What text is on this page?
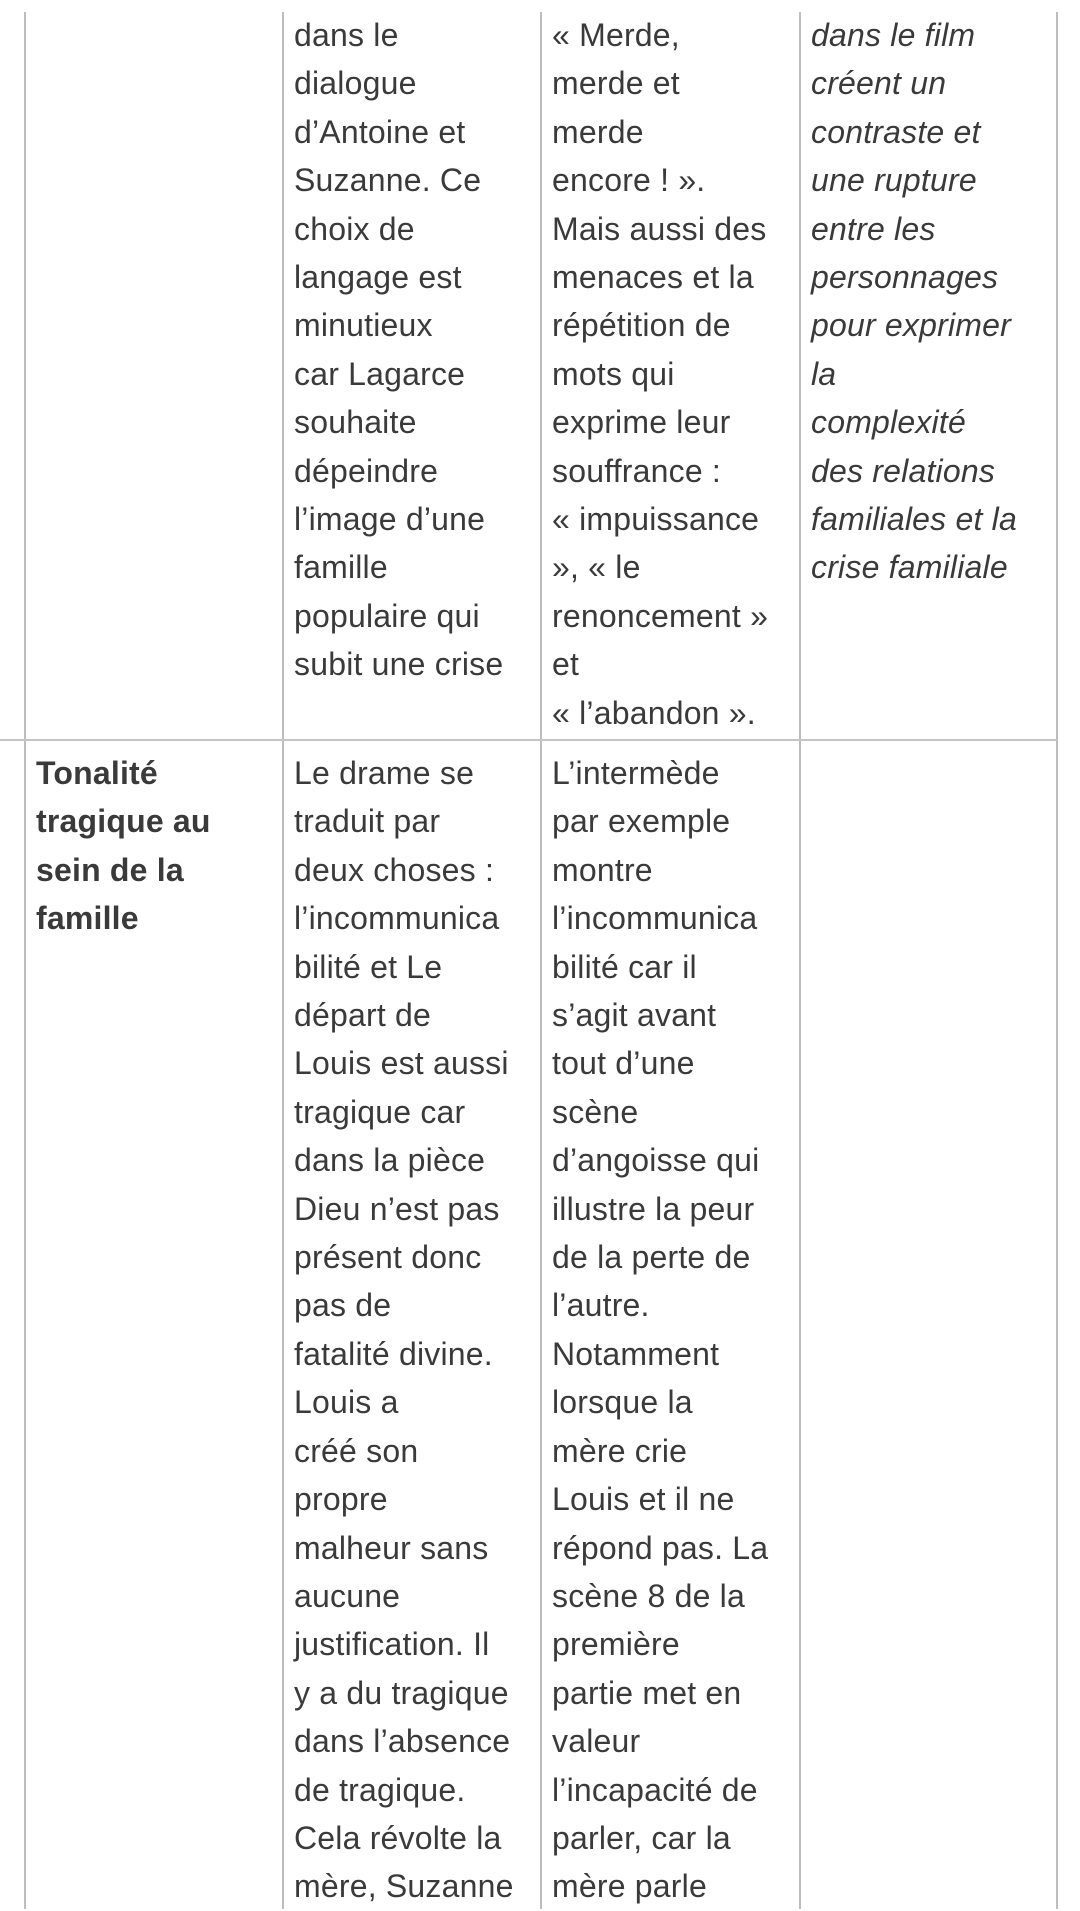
dans le
dialogue
d’Antoine et
Suzanne. Ce
choix de
langage est
minutieux
car Lagarce
souhaite
dépeindre
l’image d’une
famille
populaire qui
subit une crise
« Merde,
merde et
merde
encore ! ».
Mais aussi des
menaces et la
répétition de
mots qui
exprime leur
souffrance :
« impuissance
», « le
renoncement »
et
« l’abandon ».
dans le film
créent un
contraste et
une rupture
entre les
personnages
pour exprimer
la
complexité
des relations
familiales et la
crise familiale
Tonalité
tragique au
sein de la
famille
Le drame se
traduit par
deux choses :
l’incommunica
bilité et Le
départ de
Louis est aussi
tragique car
dans la pièce
Dieu n’est pas
présent donc
pas de
fatalité divine.
Louis a
créé son
propre
malheur sans
aucune
justification. Il
y a du tragique
dans l’absence
de tragique.
Cela révolte la
mère, Suzanne
L’intermède
par exemple
montre
l’incommunica
bilité car il
s’agit avant
tout d’une
scène
d’angoisse qui
illustre la peur
de la perte de
l’autre.
Notamment
lorsque la
mère crie
Louis et il ne
répond pas. La
scène 8 de la
première
partie met en
valeur
l’incapacité de
parler, car la
mère parle
